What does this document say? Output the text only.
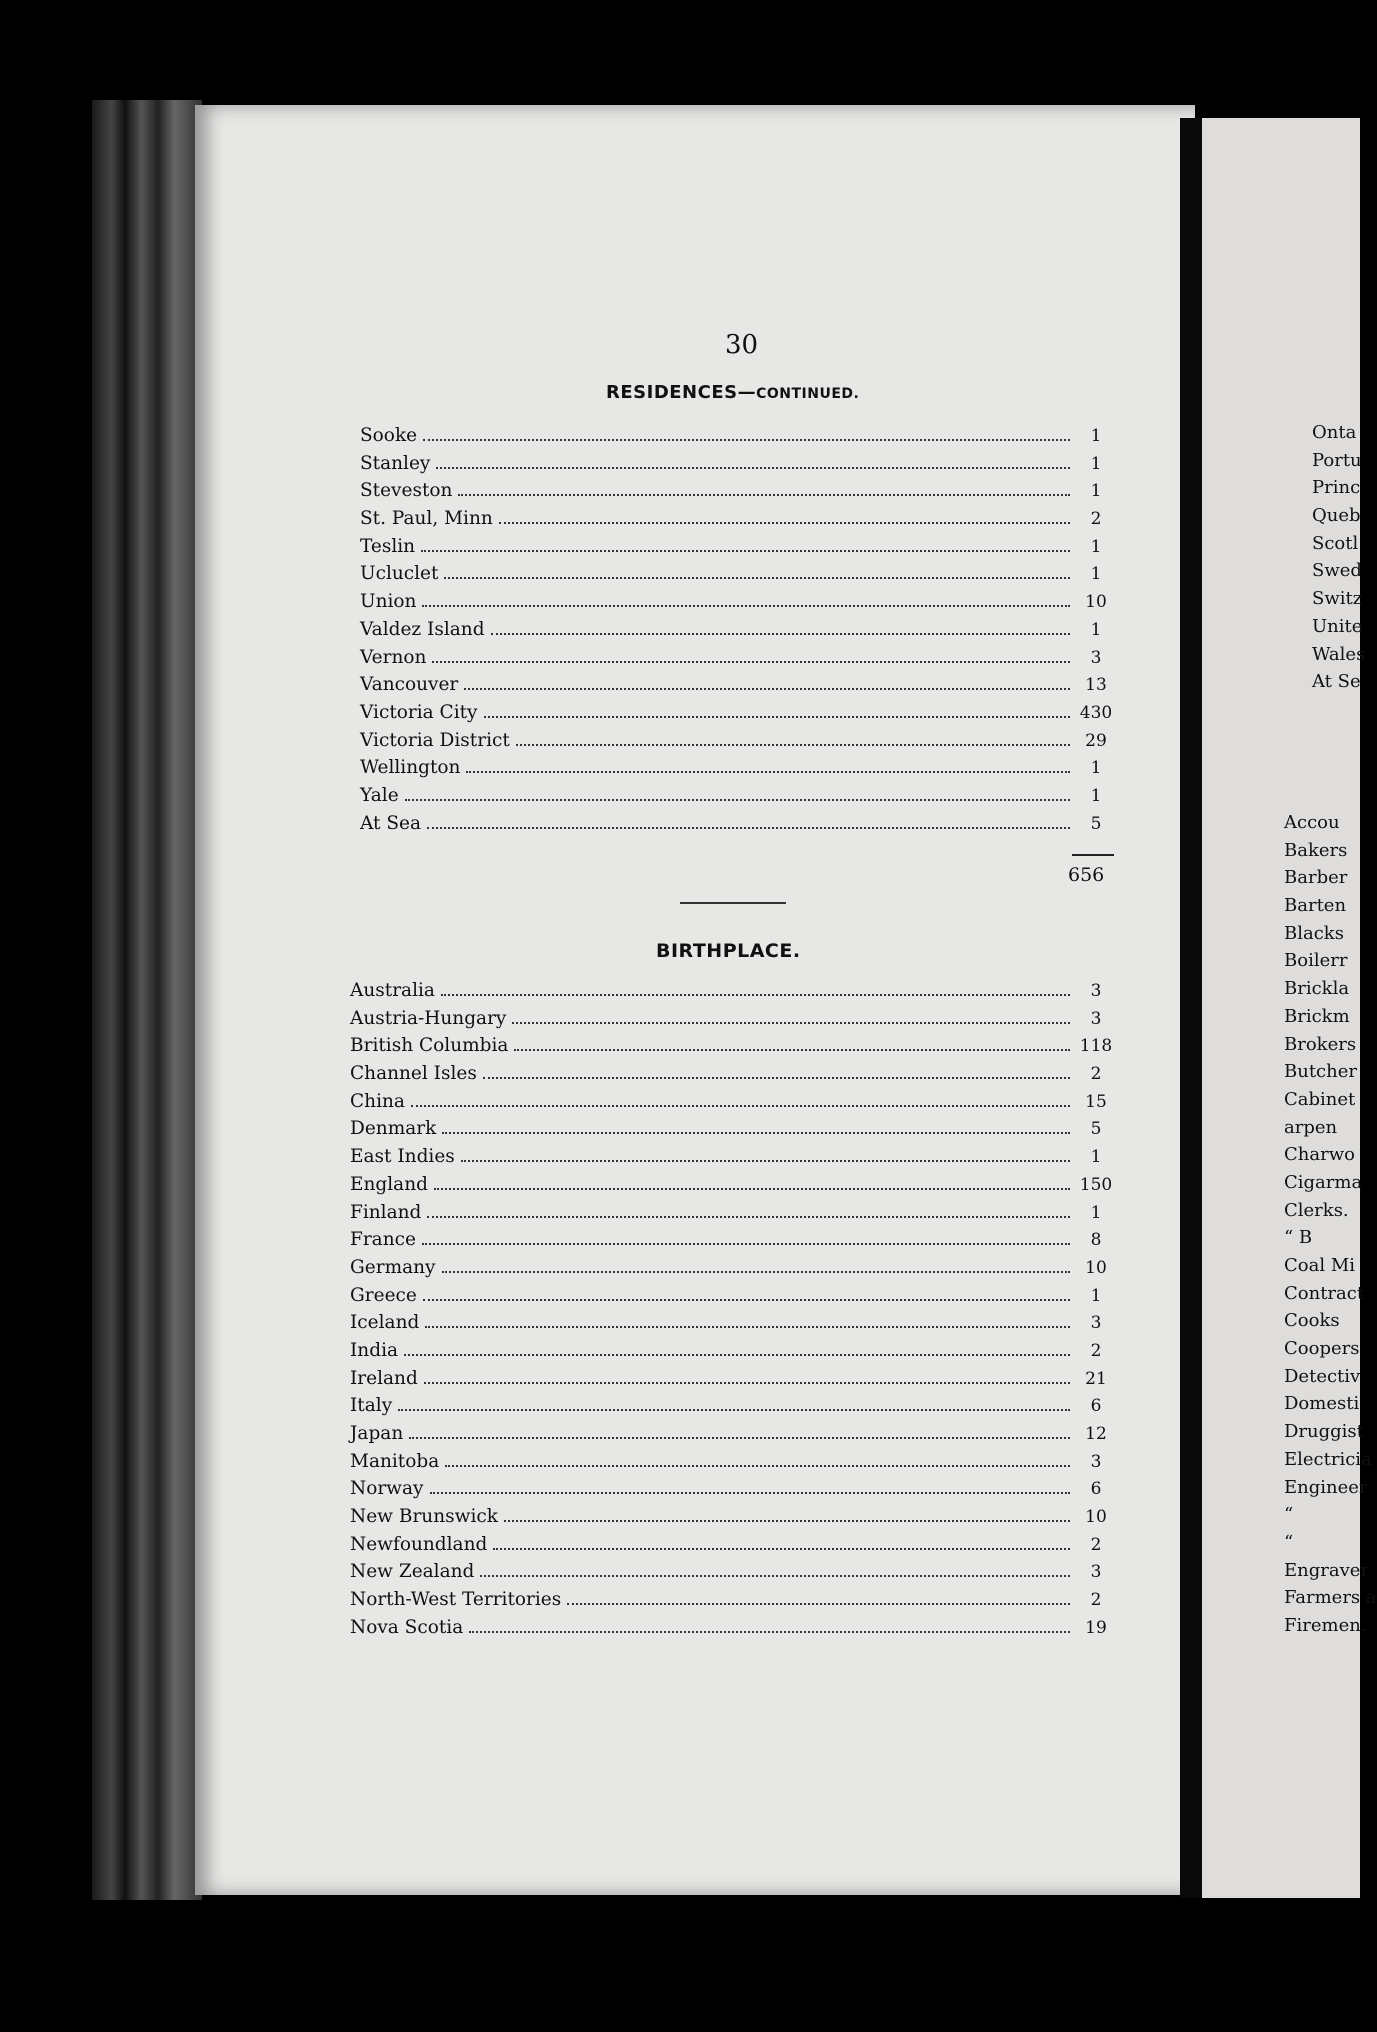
30
RESIDENCES—CONTINUED.
Sooke	1
Stanley	1
Steveston	1
St. Paul, Minn	2
Teslin	1
Ucluclet	1
Union	10
Valdez Island	1
Vernon	3
Vancouver	13
Victoria City	430
Victoria District	29
Wellington	1
Yale	1
At Sea	5
656
BIRTHPLACE.
Australia	3
Austria-Hungary	3
British Columbia	118
Channel Isles	2
China	15
Denmark	5
East Indies	1
England	150
Finland	1
France	8
Germany	10
Greece	1
Iceland	3
India	2
Ireland	21
Italy	6
Japan	12
Manitoba	3
Norway	6
New Brunswick	10
Newfoundland	2
New Zealand	3
North-West Territories	2
Nova Scotia	19
Onta
Portu
Princ
Queb
Scotl
Swed
Switz
Unite
Wales
At Se
Accou
Bakers
Barber
Barten
Blacks
Boilerr
Brickla
Brickm
Brokers
Butcher
Cabinet
arpen
Charwo
Cigarma
Clerks.
“ B
Coal Mi
Contract
Cooks
Coopers
Detectiv
Domesti
Druggist
Electricia
Engineer
“
“
Engraver
Farmers a
Firemen.
